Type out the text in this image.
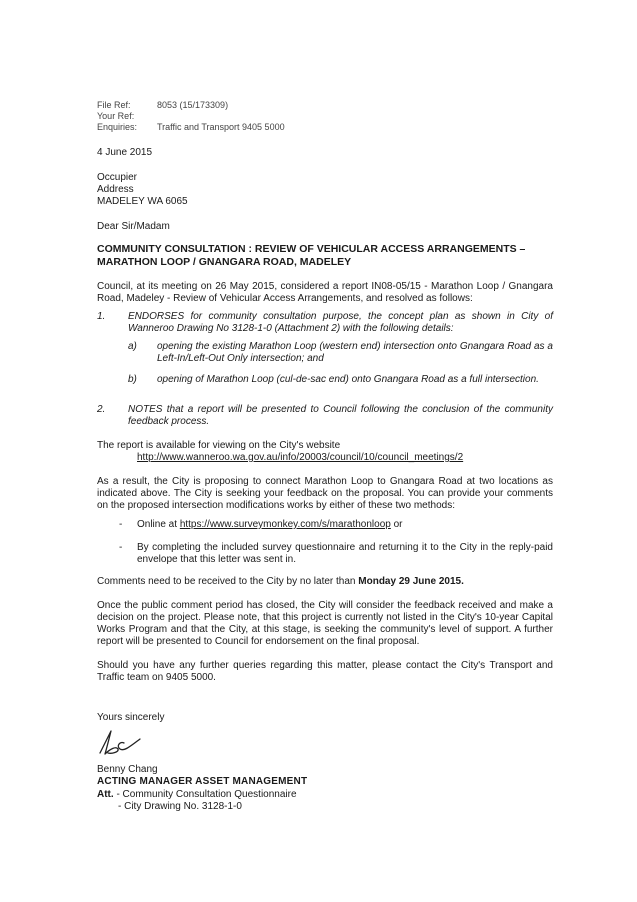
File Ref:	8053 (15/173309)
Your Ref:
Enquiries: Traffic and Transport 9405 5000
4 June 2015
Occupier
Address
MADELEY WA 6065
Dear Sir/Madam
COMMUNITY CONSULTATION : REVIEW OF VEHICULAR ACCESS ARRANGEMENTS –
MARATHON LOOP / GNANGARA ROAD, MADELEY
Council, at its meeting on 26 May 2015, considered a report IN08-05/15 - Marathon Loop / Gnangara Road, Madeley - Review of Vehicular Access Arrangements, and resolved as follows:
1. ENDORSES for community consultation purpose, the concept plan as shown in City of Wanneroo Drawing No 3128-1-0 (Attachment 2) with the following details:
a) opening the existing Marathon Loop (western end) intersection onto Gnangara Road as a Left-In/Left-Out Only intersection; and
b) opening of Marathon Loop (cul-de-sac end) onto Gnangara Road as a full intersection.
2. NOTES that a report will be presented to Council following the conclusion of the community feedback process.
The report is available for viewing on the City's website
http://www.wanneroo.wa.gov.au/info/20003/council/10/council_meetings/2
As a result, the City is proposing to connect Marathon Loop to Gnangara Road at two locations as indicated above. The City is seeking your feedback on the proposal. You can provide your comments on the proposed intersection modifications works by either of these two methods:
- Online at https://www.surveymonkey.com/s/marathonloop or
- By completing the included survey questionnaire and returning it to the City in the reply-paid envelope that this letter was sent in.
Comments need to be received to the City by no later than Monday 29 June 2015.
Once the public comment period has closed, the City will consider the feedback received and make a decision on the project. Please note, that this project is currently not listed in the City's 10-year Capital Works Program and that the City, at this stage, is seeking the community's level of support. A further report will be presented to Council for endorsement on the final proposal.
Should you have any further queries regarding this matter, please contact the City's Transport and Traffic team on 9405 5000.
Yours sincerely
Benny Chang
ACTING MANAGER ASSET MANAGEMENT
Att. - Community Consultation Questionnaire
- City Drawing No. 3128-1-0
